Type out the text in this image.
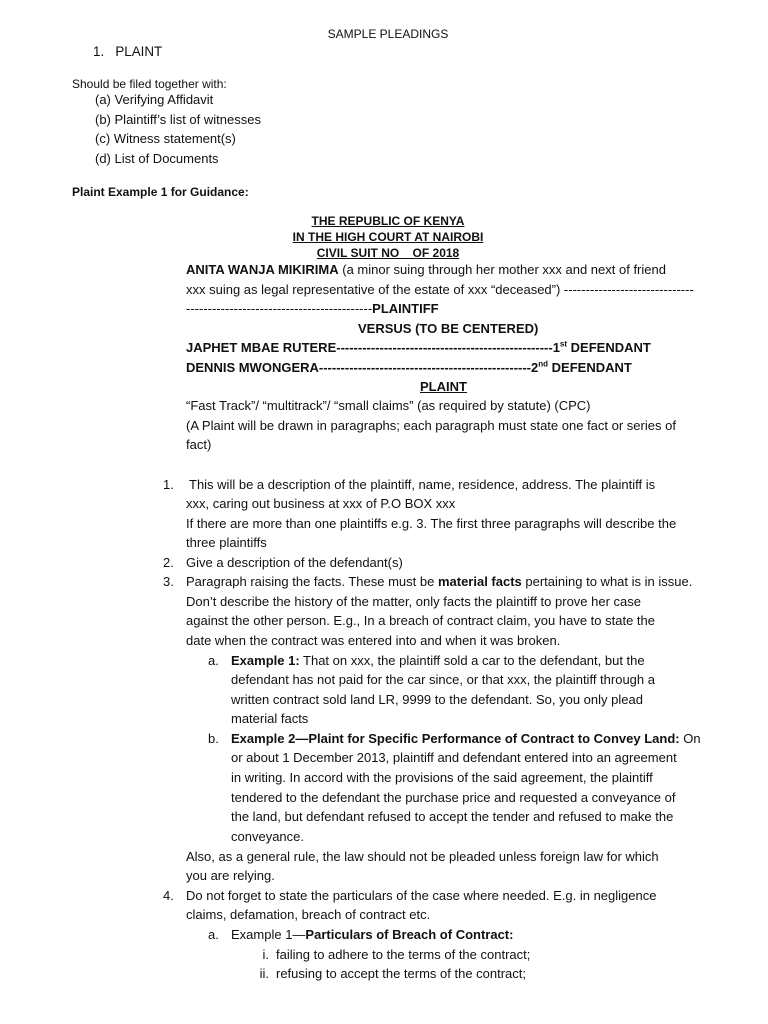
SAMPLE PLEADINGS
1. PLAINT
Should be filed together with:
(a) Verifying Affidavit
(b) Plaintiff’s list of witnesses
(c) Witness statement(s)
(d) List of Documents
Plaint Example 1 for Guidance:
THE REPUBLIC OF KENYA
IN THE HIGH COURT AT NAIROBI
CIVIL SUIT NO    OF 2018
ANITA WANJA MIKIRIMA (a minor suing through her mother xxx and next of friend
xxx suing as legal representative of the estate of xxx “deceased”) ------------------------------
-------------------------------------------PLAINTIFF
VERSUS (TO BE CENTERED)
JAPHET MBAE RUTERE--------------------------------------------------1st DEFENDANT
DENNIS MWONGERA-------------------------------------------------2nd DEFENDANT
PLAINT
“Fast Track”/ “multitrack”/ “small claims” (as required by statute) (CPC)
(A Plaint will be drawn in paragraphs; each paragraph must state one fact or series of
fact)
1. This will be a description of the plaintiff, name, residence, address. The plaintiff is
xxx, caring out business at xxx of P.O BOX xxx
If there are more than one plaintiffs e.g. 3. The first three paragraphs will describe the
three plaintiffs
2. Give a description of the defendant(s)
3. Paragraph raising the facts. These must be material facts pertaining to what is in issue.
Don’t describe the history of the matter, only facts the plaintiff to prove her case
against the other person. E.g., In a breach of contract claim, you have to state the
date when the contract was entered into and when it was broken.
a. Example 1: That on xxx, the plaintiff sold a car to the defendant, but the
defendant has not paid for the car since, or that xxx, the plaintiff through a
written contract sold land LR, 9999 to the defendant. So, you only plead
material facts
b. Example 2—Plaint for Specific Performance of Contract to Convey Land: On
or about 1 December 2013, plaintiff and defendant entered into an agreement
in writing. In accord with the provisions of the said agreement, the plaintiff
tendered to the defendant the purchase price and requested a conveyance of
the land, but defendant refused to accept the tender and refused to make the
conveyance.
Also, as a general rule, the law should not be pleaded unless foreign law for which
you are relying.
4. Do not forget to state the particulars of the case where needed. E.g. in negligence
claims, defamation, breach of contract etc.
a. Example 1—Particulars of Breach of Contract:
i. failing to adhere to the terms of the contract;
ii. refusing to accept the terms of the contract;
